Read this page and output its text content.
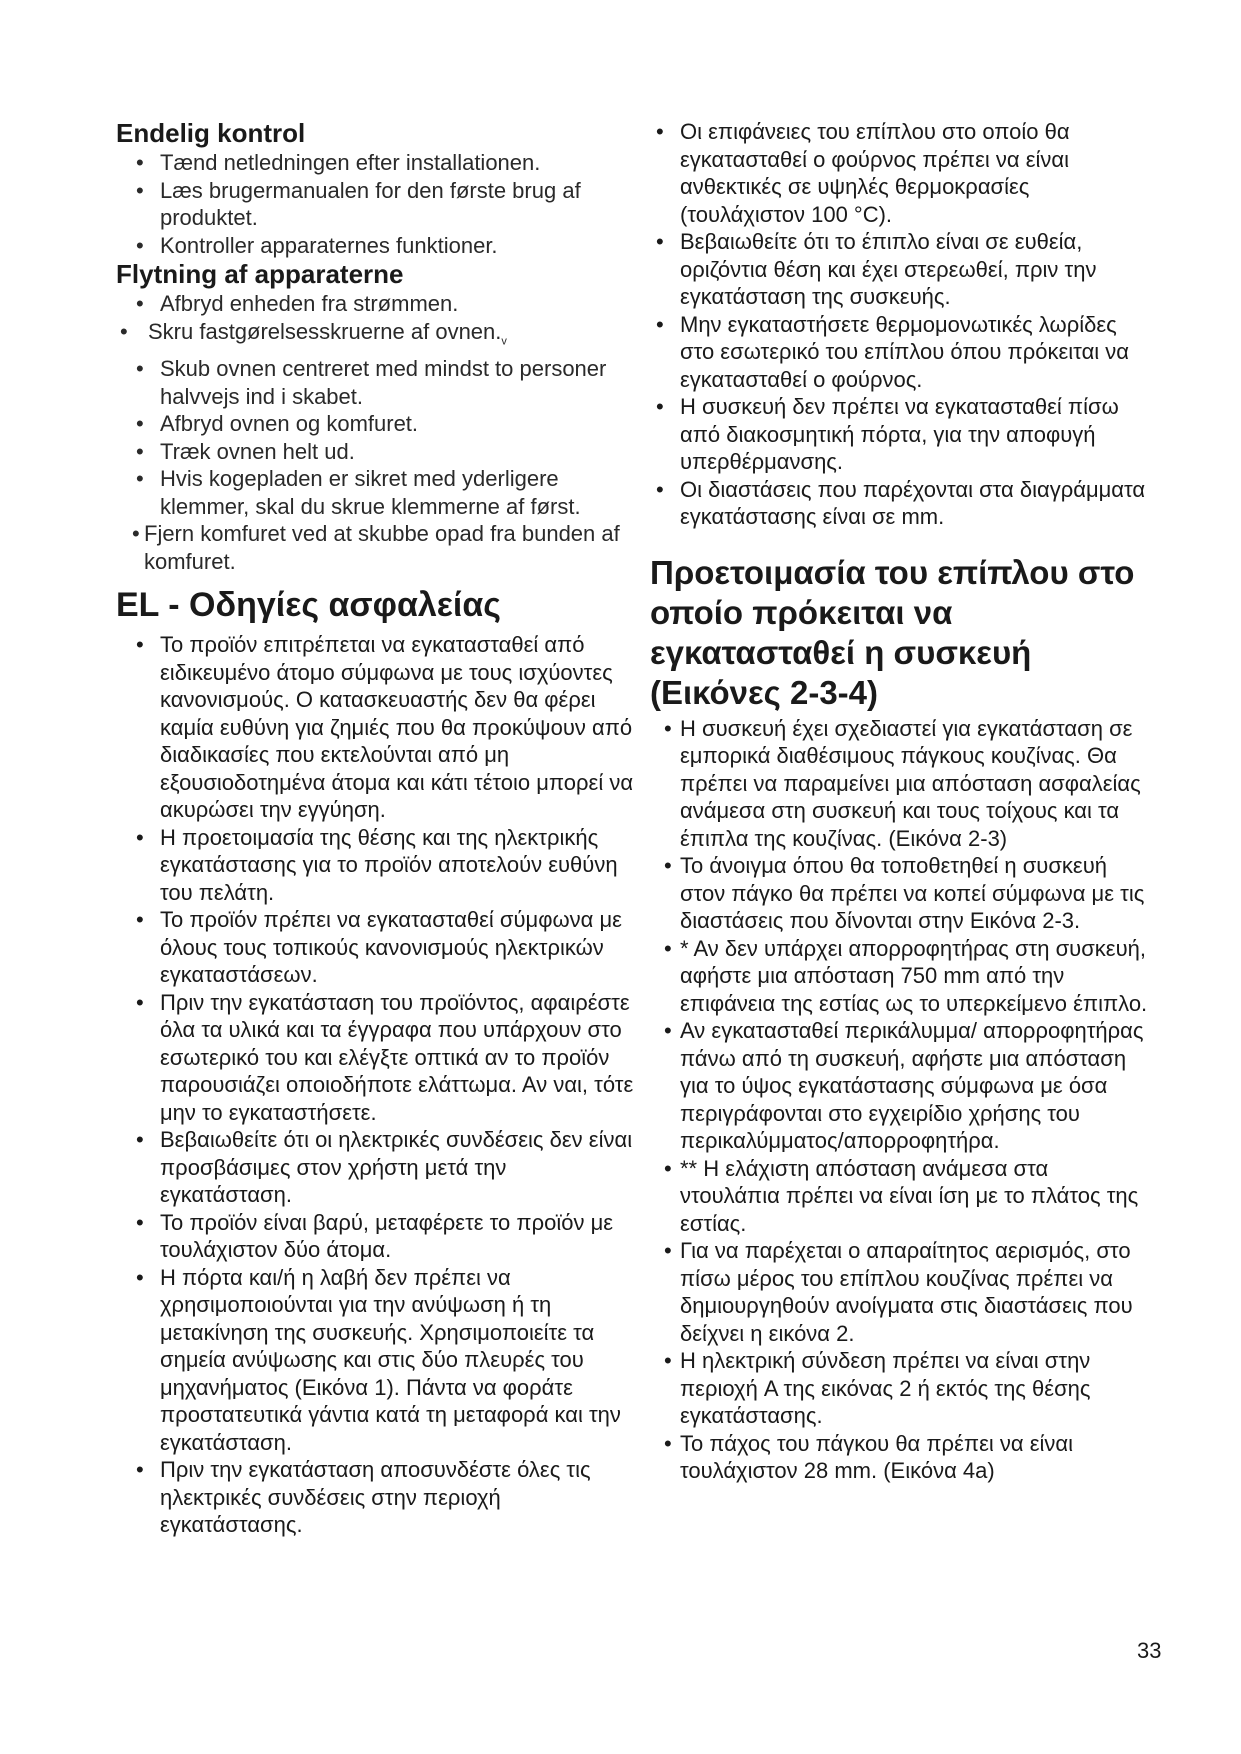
Endelig kontrol
• Tænd netledningen efter installationen.
• Læs brugermanualen for den første brug af produktet.
• Kontroller apparaternes funktioner.
Flytning af apparaterne
• Afbryd enheden fra strømmen.
• Skru fastgørelsesskruerne af $ovnen._v$
• Skub ovnen centreret med mindst to personer halvvejs ind i skabet.
• Afbryd ovnen og komfuret.
• Træk ovnen helt ud.
• Hvis kogepladen er sikret med yderligere klemmer, skal du skrue klemmerne af først.
• Fjern komfuret ved at skubbe opad fra bunden af komfuret.
EL - Οδηγίες ασφαλείας
• Το προϊόν επιτρέπεται να εγκατασταθεί από ειδικευμένο άτομο σύμφωνα με τους ισχύοντες κανονισμούς. Ο κατασκευαστής δεν θα φέρει καμία ευθύνη για ζημιές που θα προκύψουν από διαδικασίες που εκτελούνται από μη εξουσιοδοτημένα άτομα και κάτι τέτοιο μπορεί να ακυρώσει την εγγύηση.
• Η προετοιμασία της θέσης και της ηλεκτρικής εγκατάστασης για το προϊόν αποτελούν ευθύνη του πελάτη.
• Το προϊόν πρέπει να εγκατασταθεί σύμφωνα με όλους τους τοπικούς κανονισμούς ηλεκτρικών εγκαταστάσεων.
• Πριν την εγκατάσταση του προϊόντος, αφαιρέστε όλα τα υλικά και τα έγγραφα που υπάρχουν στο εσωτερικό του και ελέγξτε οπτικά αν το προϊόν παρουσιάζει οποιοδήποτε ελάττωμα. Αν ναι, τότε μην το εγκαταστήσετε.
• Βεβαιωθείτε ότι οι ηλεκτρικές συνδέσεις δεν είναι προσβάσιμες στον χρήστη μετά την εγκατάσταση.
• Το προϊόν είναι βαρύ, μεταφέρετε το προϊόν με τουλάχιστον δύο άτομα.
• Η πόρτα και/ή η λαβή δεν πρέπει να χρησιμοποιούνται για την ανύψωση ή τη μετακίνηση της συσκευής. Χρησιμοποιείτε τα σημεία ανύψωσης και στις δύο πλευρές του μηχανήματος (Εικόνα 1). Πάντα να φοράτε προστατευτικά γάντια κατά τη μεταφορά και την εγκατάσταση.
• Πριν την εγκατάσταση αποσυνδέστε όλες τις ηλεκτρικές συνδέσεις στην περιοχή εγκατάστασης.
• Οι επιφάνειες του επίπλου στο οποίο θα εγκατασταθεί ο φούρνος πρέπει να είναι ανθεκτικές σε υψηλές θερμοκρασίες (τουλάχιστον 100 °C).
• Βεβαιωθείτε ότι το έπιπλο είναι σε ευθεία, οριζόντια θέση και έχει στερεωθεί, πριν την εγκατάσταση της συσκευής.
• Μην εγκαταστήσετε θερμομονωτικές λωρίδες στο εσωτερικό του επίπλου όπου πρόκειται να εγκατασταθεί ο φούρνος.
• Η συσκευή δεν πρέπει να εγκατασταθεί πίσω από διακοσμητική πόρτα, για την αποφυγή υπερθέρμανσης.
• Οι διαστάσεις που παρέχονται στα διαγράμματα εγκατάστασης είναι σε mm.
Προετοιμασία του επίπλου στο οποίο πρόκειται να εγκατασταθεί η συσκευή (Εικόνες 2-3-4)
• Η συσκευή έχει σχεδιαστεί για εγκατάσταση σε εμπορικά διαθέσιμους πάγκους κουζίνας. Θα πρέπει να παραμείνει μια απόσταση ασφαλείας ανάμεσα στη συσκευή και τους τοίχους και τα έπιπλα της κουζίνας. (Εικόνα 2-3)
• Το άνοιγμα όπου θα τοποθετηθεί η συσκευή στον πάγκο θα πρέπει να κοπεί σύμφωνα με τις διαστάσεις που δίνονται στην Εικόνα 2-3.
• * Αν δεν υπάρχει απορροφητήρας στη συσκευή, αφήστε μια απόσταση 750 mm από την επιφάνεια της εστίας ως το υπερκείμενο έπιπλο.
• Αν εγκατασταθεί περικάλυμμα/ απορροφητήρας πάνω από τη συσκευή, αφήστε μια απόσταση για το ύψος εγκατάστασης σύμφωνα με όσα περιγράφονται στο εγχειρίδιο χρήσης του περικαλύμματος/απορροφητήρα.
• ** Η ελάχιστη απόσταση ανάμεσα στα ντουλάπια πρέπει να είναι ίση με το πλάτος της εστίας.
• Για να παρέχεται ο απαραίτητος αερισμός, στο πίσω μέρος του επίπλου κουζίνας πρέπει να δημιουργηθούν ανοίγματα στις διαστάσεις που δείχνει η εικόνα 2.
• Η ηλεκτρική σύνδεση πρέπει να είναι στην περιοχή A της εικόνας 2 ή εκτός της θέσης εγκατάστασης.
• Το πάχος του πάγκου θα πρέπει να είναι τουλάχιστον 28 mm. (Εικόνα 4a)
33
